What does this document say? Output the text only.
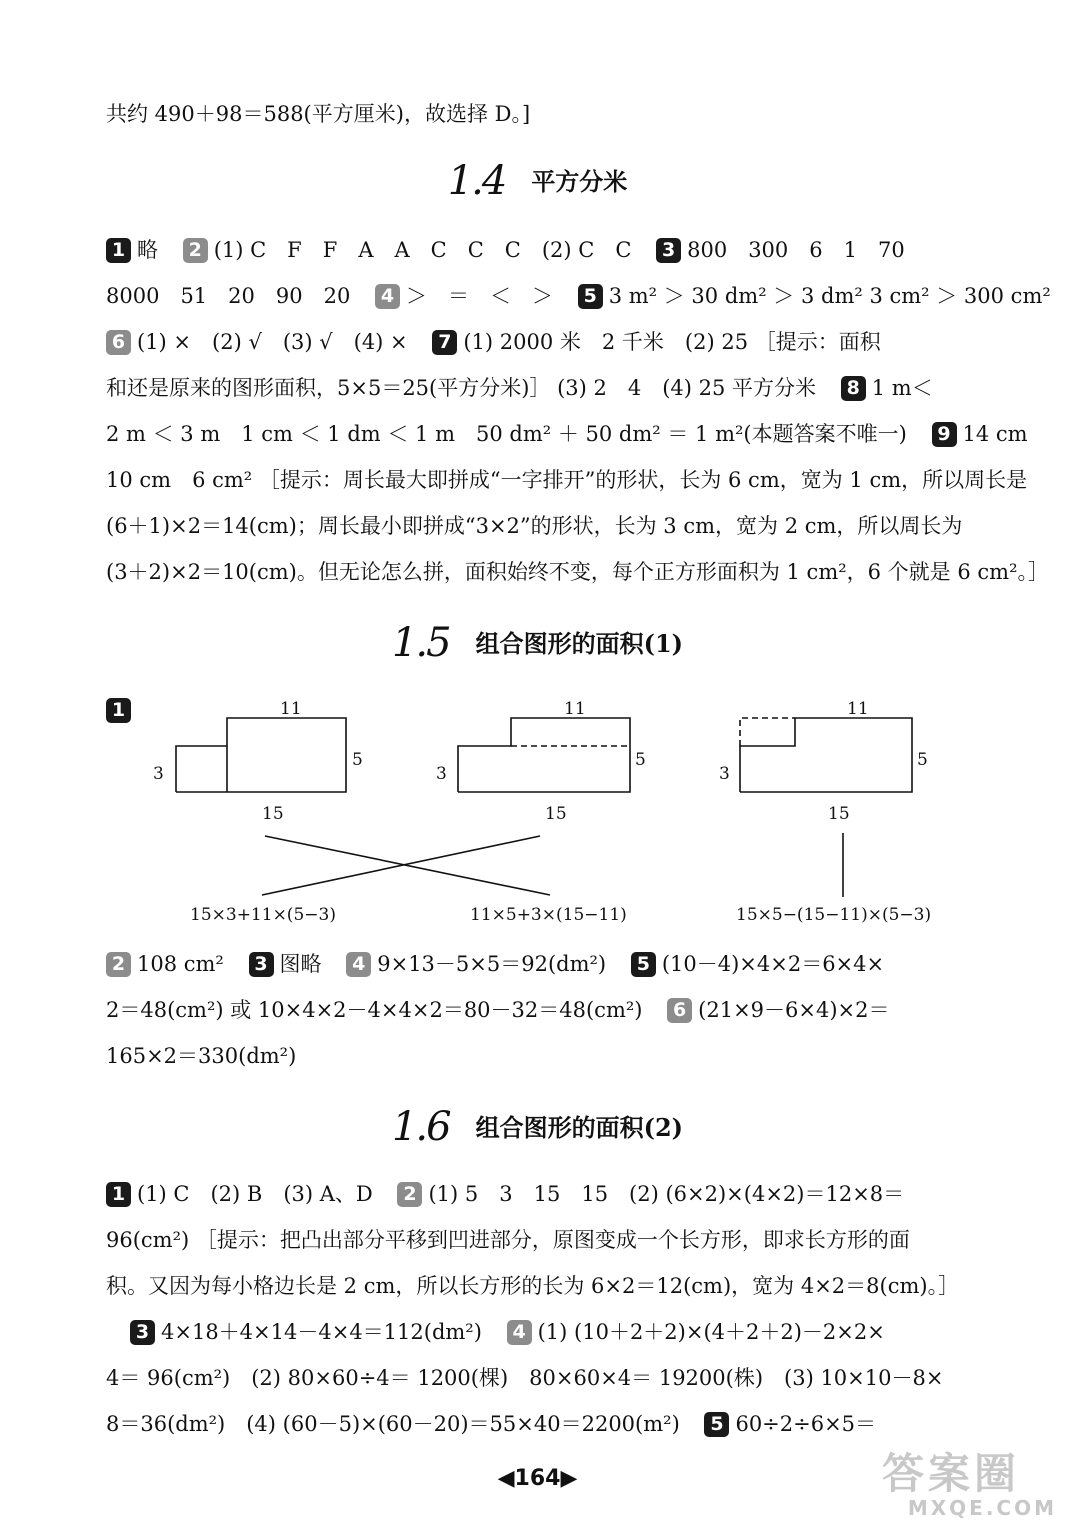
共约 490＋98＝588(平方厘米)，故选择 D。]
1.4 平方分米
1 略 2 (1) C　F　F　A　A　C　C　C　(2) C　C 3 800　300　6　1　70
8000　51　20　90　20 4 ＞　＝　＜　＞ 5 3 m² ＞ 30 dm² ＞ 3 dm² 3 cm² ＞ 300 cm²
6 (1) ×　(2) √　(3) √　(4) × 7 (1) 2000 米　2 千米　(2) 25 ［提示：面积
和还是原来的图形面积，5×5＝25(平方分米)］ (3) 2　4　(4) 25 平方分米 8 1 m＜
2 m ＜ 3 m　1 cm ＜ 1 dm ＜ 1 m　50 dm² ＋ 50 dm² ＝ 1 m²(本题答案不唯一) 9 14 cm
10 cm　6 cm² ［提示：周长最大即拼成“一字排开”的形状，长为 6 cm，宽为 1 cm，所以周长是
(6＋1)×2＝14(cm)；周长最小即拼成“3×2”的形状，长为 3 cm，宽为 2 cm，所以周长为
(3＋2)×2＝10(cm)。但无论怎么拼，面积始终不变，每个正方形面积为 1 cm²，6 个就是 6 cm²。］
1.5 组合图形的面积(1)
1	11
3
5
15
11
3
5
15
11
3
5
15
15×3+11×(5−3)	11×5+3×(15−11)	15×5−(15−11)×(5−3)
2 108 cm² 3 图略 4 9×13－5×5＝92(dm²) 5 (10－4)×4×2＝6×4×
2＝48(cm²) 或 10×4×2－4×4×2＝80－32＝48(cm²) 6 (21×9－6×4)×2＝
165×2＝330(dm²)
1.6 组合图形的面积(2)
1 (1) C　(2) B　(3) A、D 2 (1) 5　3　15　15　(2) (6×2)×(4×2)＝12×8＝
96(cm²) ［提示：把凸出部分平移到凹进部分，原图变成一个长方形，即求长方形的面
积。又因为每小格边长是 2 cm，所以长方形的长为 6×2＝12(cm)，宽为 4×2＝8(cm)。］
3 4×18＋4×14－4×4＝112(dm²) 4 (1) (10＋2＋2)×(4＋2＋2)－2×2×
4＝ 96(cm²)　(2) 80×60÷4＝ 1200(棵)　80×60×4＝ 19200(株)　(3) 10×10－8×
8＝36(dm²)　(4) (60－5)×(60－20)＝55×40＝2200(m²) 5 60÷2÷6×5＝
◀164▶	答案圈
MXQE.COM
